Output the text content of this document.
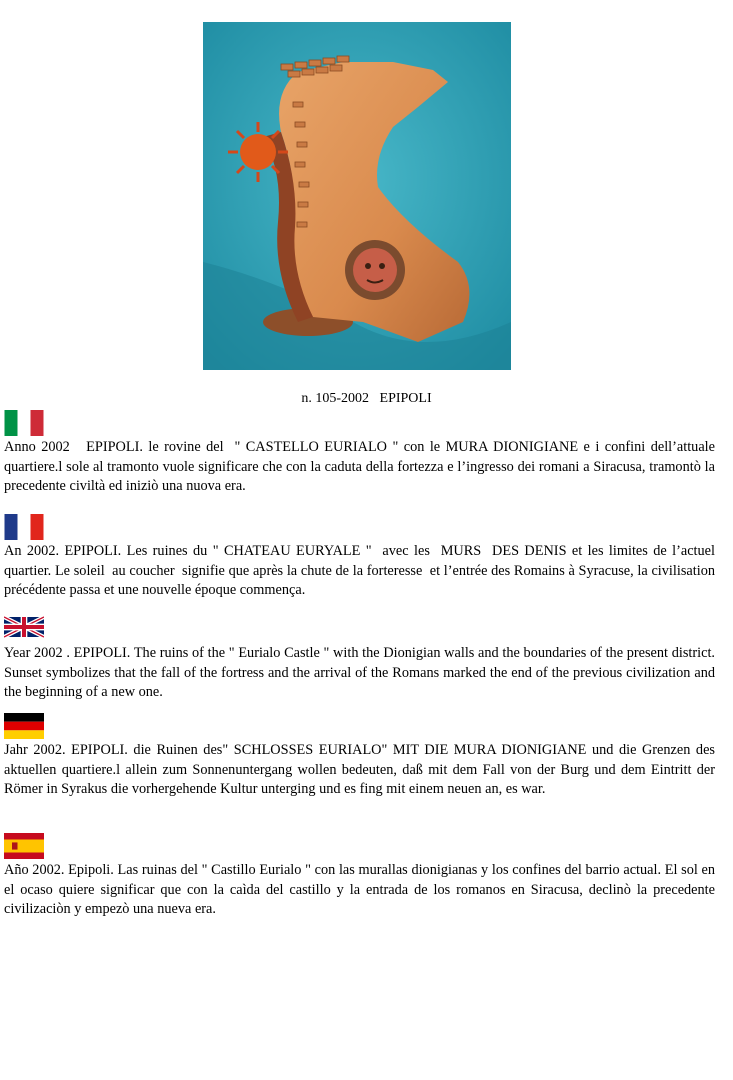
n. 105-2002   EPIPOLI
Anno 2002   EPIPOLI. le rovine del  " CASTELLO EURIALO " con le MURA DIONIGIANE e i confini dell’attuale quartiere.l sole al tramonto vuole significare che con la caduta della fortezza e l’ingresso dei romani a Siracusa, tramontò la precedente civiltà ed iniziò una nuova era.
An 2002. EPIPOLI. Les ruines du " CHATEAU EURYALE "  avec les  MURS  DES DENIS et les limites de l’actuel quartier. Le soleil  au coucher  signifie que après la chute de la forteresse  et l’entrée des Romains à Syracuse, la civilisation précédente passa et une nouvelle époque commença.
Year 2002 . EPIPOLI. The ruins of the " Eurialo Castle " with the Dionigian walls and the boundaries of the present district. Sunset symbolizes that the fall of the fortress and the arrival of the Romans marked the end of the previous civilization and the beginning of a new one.
Jahr 2002. EPIPOLI. die Ruinen des" SCHLOSSES EURIALO" MIT DIE MURA DIONIGIANE und die Grenzen des aktuellen quartiere.l allein zum Sonnenuntergang wollen bedeuten, daß mit dem Fall von der Burg und dem Eintritt der Römer in Syrakus die vorhergehende Kultur unterging und es fing mit einem neuen an, es war.
Año 2002. Epipoli. Las ruinas del " Castillo Eurialo " con las murallas dionigianas y los confines del barrio actual. El sol en el ocaso quiere significar que con la caìda del castillo y la entrada de los romanos en Siracusa, declinò la precedente civilizaciòn y empezò una nueva era.
